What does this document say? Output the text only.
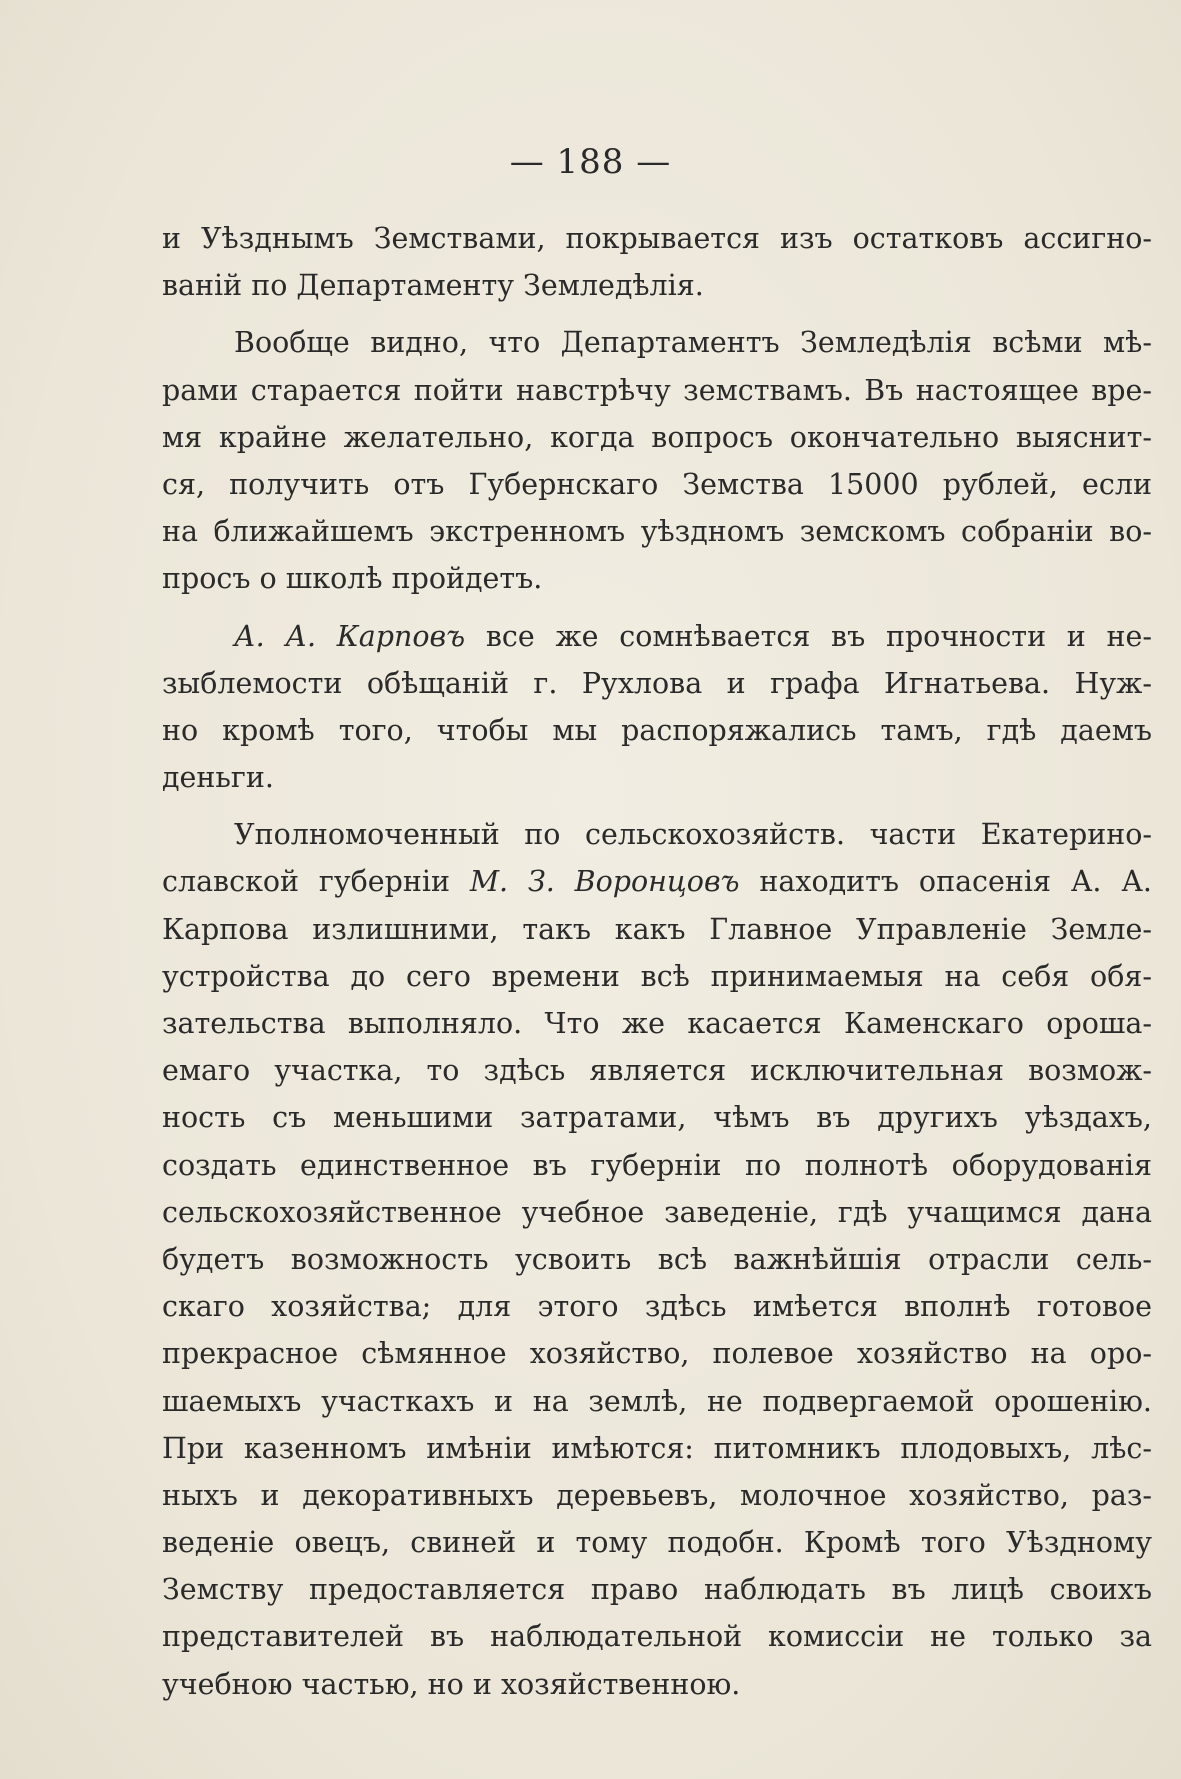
— 188 —
и Уѣзднымъ Земствами, покрывается изъ остатковъ ассигно-
ваній по Департаменту Земледѣлія.
Вообще видно, что Департаментъ Земледѣлія всѣми мѣ-
рами старается пойти навстрѣчу земствамъ. Въ настоящее вре-
мя крайне желательно, когда вопросъ окончательно выяснит-
ся, получить отъ Губернскаго Земства 15000 рублей, если
на ближайшемъ экстренномъ уѣздномъ земскомъ собраніи во-
просъ о школѣ пройдетъ.
А. А. Карповъ все же сомнѣвается въ прочности и не-
зыблемости обѣщаній г. Рухлова и графа Игнатьева. Нуж-
но кромѣ того, чтобы мы распоряжались тамъ, гдѣ даемъ
деньги.
Уполномоченный по сельскохозяйств. части Екатерино-
славской губерніи М. З. Воронцовъ находитъ опасенія А. А.
Карпова излишними, такъ какъ Главное Управленіе Земле-
устройства до сего времени всѣ принимаемыя на себя обя-
зательства выполняло. Что же касается Каменскаго ороша-
емаго участка, то здѣсь является исключительная возмож-
ность съ меньшими затратами, чѣмъ въ другихъ уѣздахъ,
создать единственное въ губерніи по полнотѣ оборудованія
сельскохозяйственное учебное заведеніе, гдѣ учащимся дана
будетъ возможность усвоить всѣ важнѣйшія отрасли сель-
скаго хозяйства; для этого здѣсь имѣется вполнѣ готовое
прекрасное сѣмянное хозяйство, полевое хозяйство на оро-
шаемыхъ участкахъ и на землѣ, не подвергаемой орошенію.
При казенномъ имѣніи имѣются: питомникъ плодовыхъ, лѣс-
ныхъ и декоративныхъ деревьевъ, молочное хозяйство, раз-
веденіе овецъ, свиней и тому подобн. Кромѣ того Уѣздному
Земству предоставляется право наблюдать въ лицѣ своихъ
представителей въ наблюдательной комиссіи не только за
учебною частью, но и хозяйственною.
